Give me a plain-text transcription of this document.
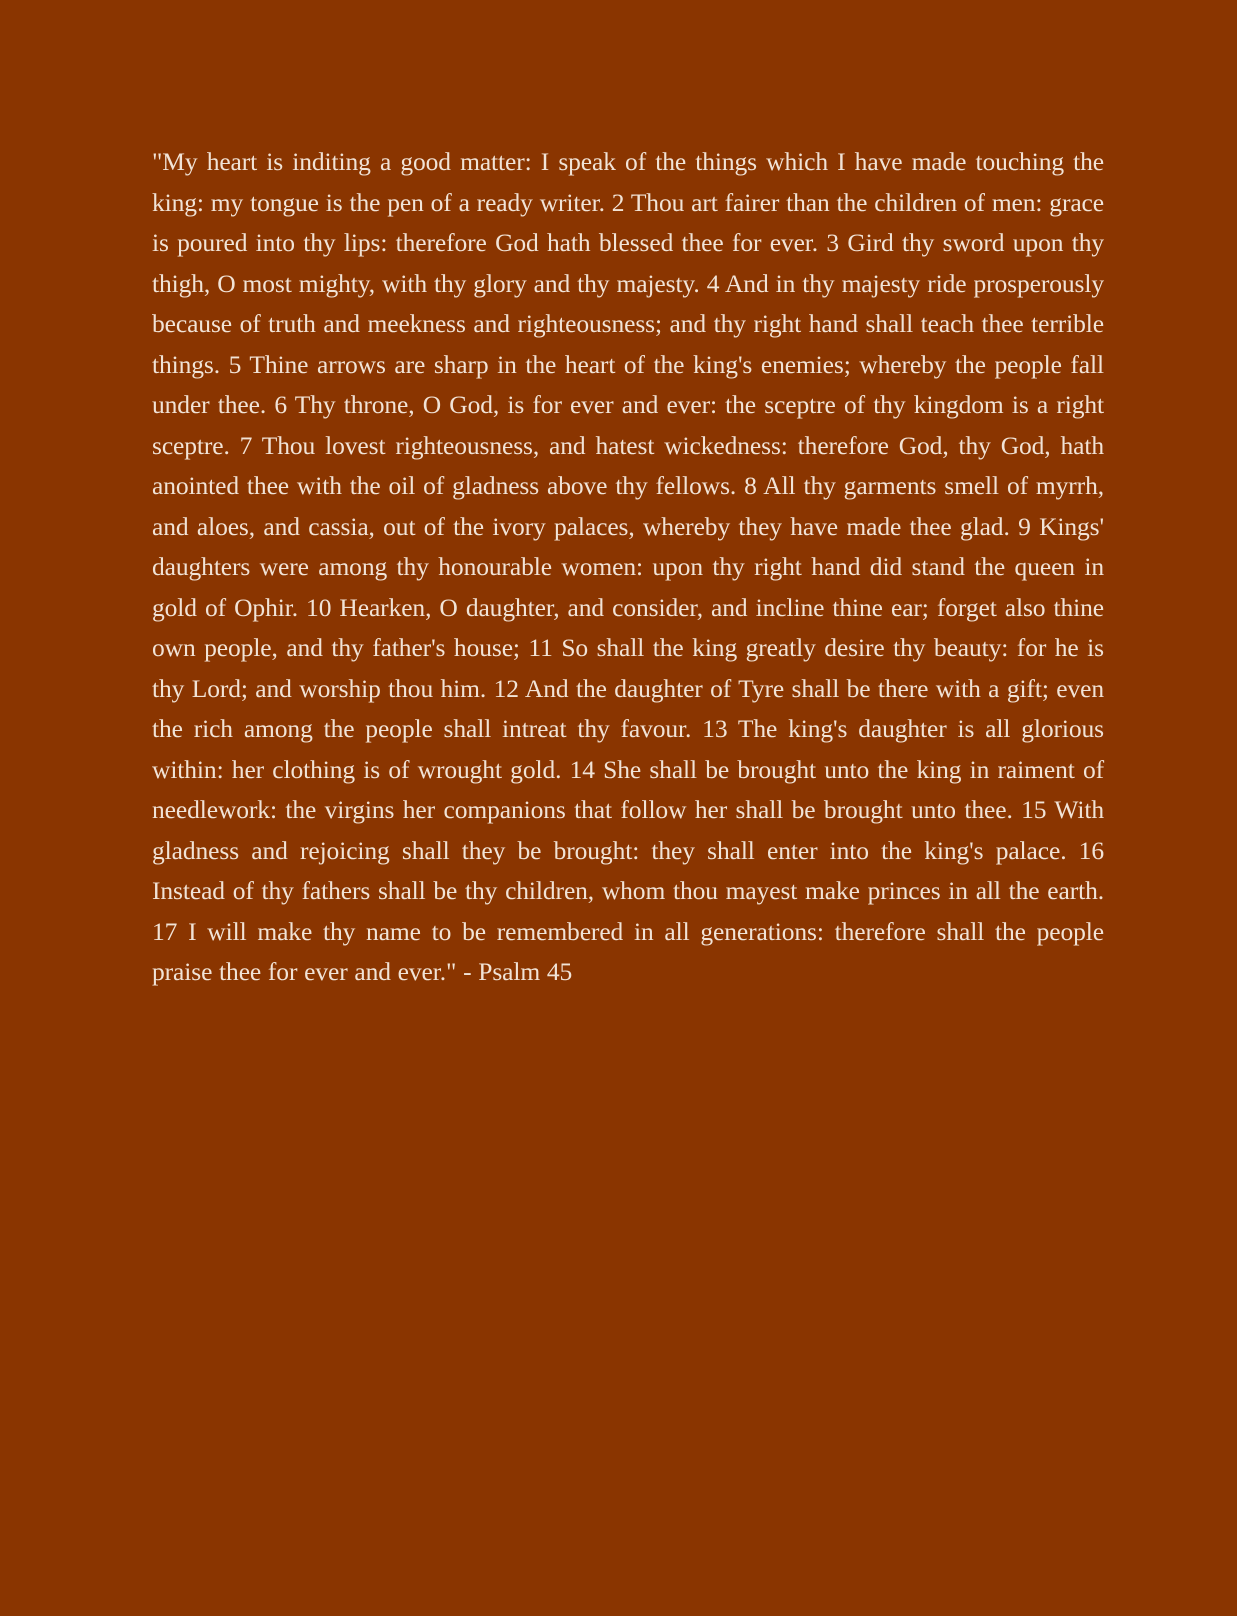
"My heart is inditing a good matter: I speak of the things which I have made touching the king: my tongue is the pen of a ready writer. 2 Thou art fairer than the children of men: grace is poured into thy lips: therefore God hath blessed thee for ever. 3 Gird thy sword upon thy thigh, O most mighty, with thy glory and thy majesty. 4 And in thy majesty ride prosperously because of truth and meekness and righteousness; and thy right hand shall teach thee terrible things. 5 Thine arrows are sharp in the heart of the king's enemies; whereby the people fall under thee. 6 Thy throne, O God, is for ever and ever: the sceptre of thy kingdom is a right sceptre. 7 Thou lovest righteousness, and hatest wickedness: therefore God, thy God, hath anointed thee with the oil of gladness above thy fellows. 8 All thy garments smell of myrrh, and aloes, and cassia, out of the ivory palaces, whereby they have made thee glad. 9 Kings' daughters were among thy honourable women: upon thy right hand did stand the queen in gold of Ophir. 10 Hearken, O daughter, and consider, and incline thine ear; forget also thine own people, and thy father's house; 11 So shall the king greatly desire thy beauty: for he is thy Lord; and worship thou him. 12 And the daughter of Tyre shall be there with a gift; even the rich among the people shall intreat thy favour. 13 The king's daughter is all glorious within: her clothing is of wrought gold. 14 She shall be brought unto the king in raiment of needlework: the virgins her companions that follow her shall be brought unto thee. 15 With gladness and rejoicing shall they be brought: they shall enter into the king's palace. 16 Instead of thy fathers shall be thy children, whom thou mayest make princes in all the earth. 17 I will make thy name to be remembered in all generations: therefore shall the people praise thee for ever and ever." - Psalm 45
